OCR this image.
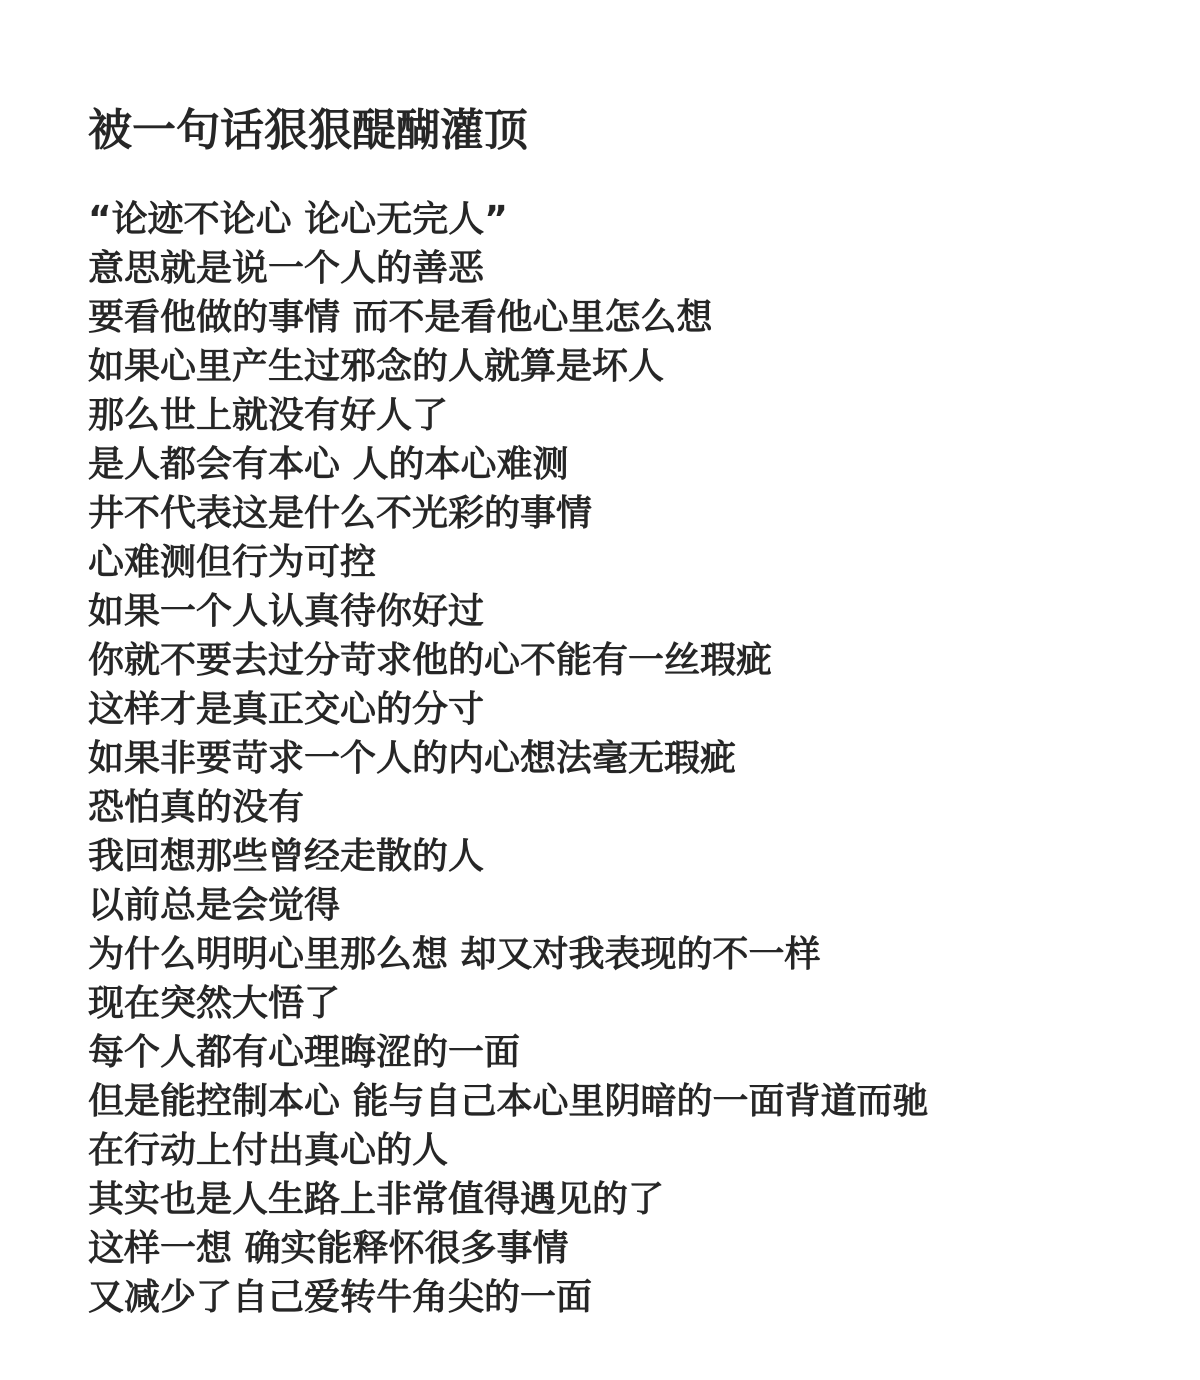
被一句话狠狠醍醐灌顶
“论迹不论心 论心无完人”
意思就是说一个人的善恶
要看他做的事情 而不是看他心里怎么想
如果心里产生过邪念的人就算是坏人
那么世上就没有好人了
是人都会有本心 人的本心难测
井不代表这是什么不光彩的事情
心难测但行为可控
如果一个人认真待你好过
你就不要去过分苛求他的心不能有一丝瑕疵
这样才是真正交心的分寸
如果非要苛求一个人的内心想法毫无瑕疵
恐怕真的没有
我回想那些曾经走散的人
以前总是会觉得
为什么明明心里那么想 却又对我表现的不一样
现在突然大悟了
每个人都有心理晦涩的一面
但是能控制本心 能与自己本心里阴暗的一面背道而驰
在行动上付出真心的人
其实也是人生路上非常值得遇见的了
这样一想 确实能释怀很多事情
又减少了自己爱转牛角尖的一面
